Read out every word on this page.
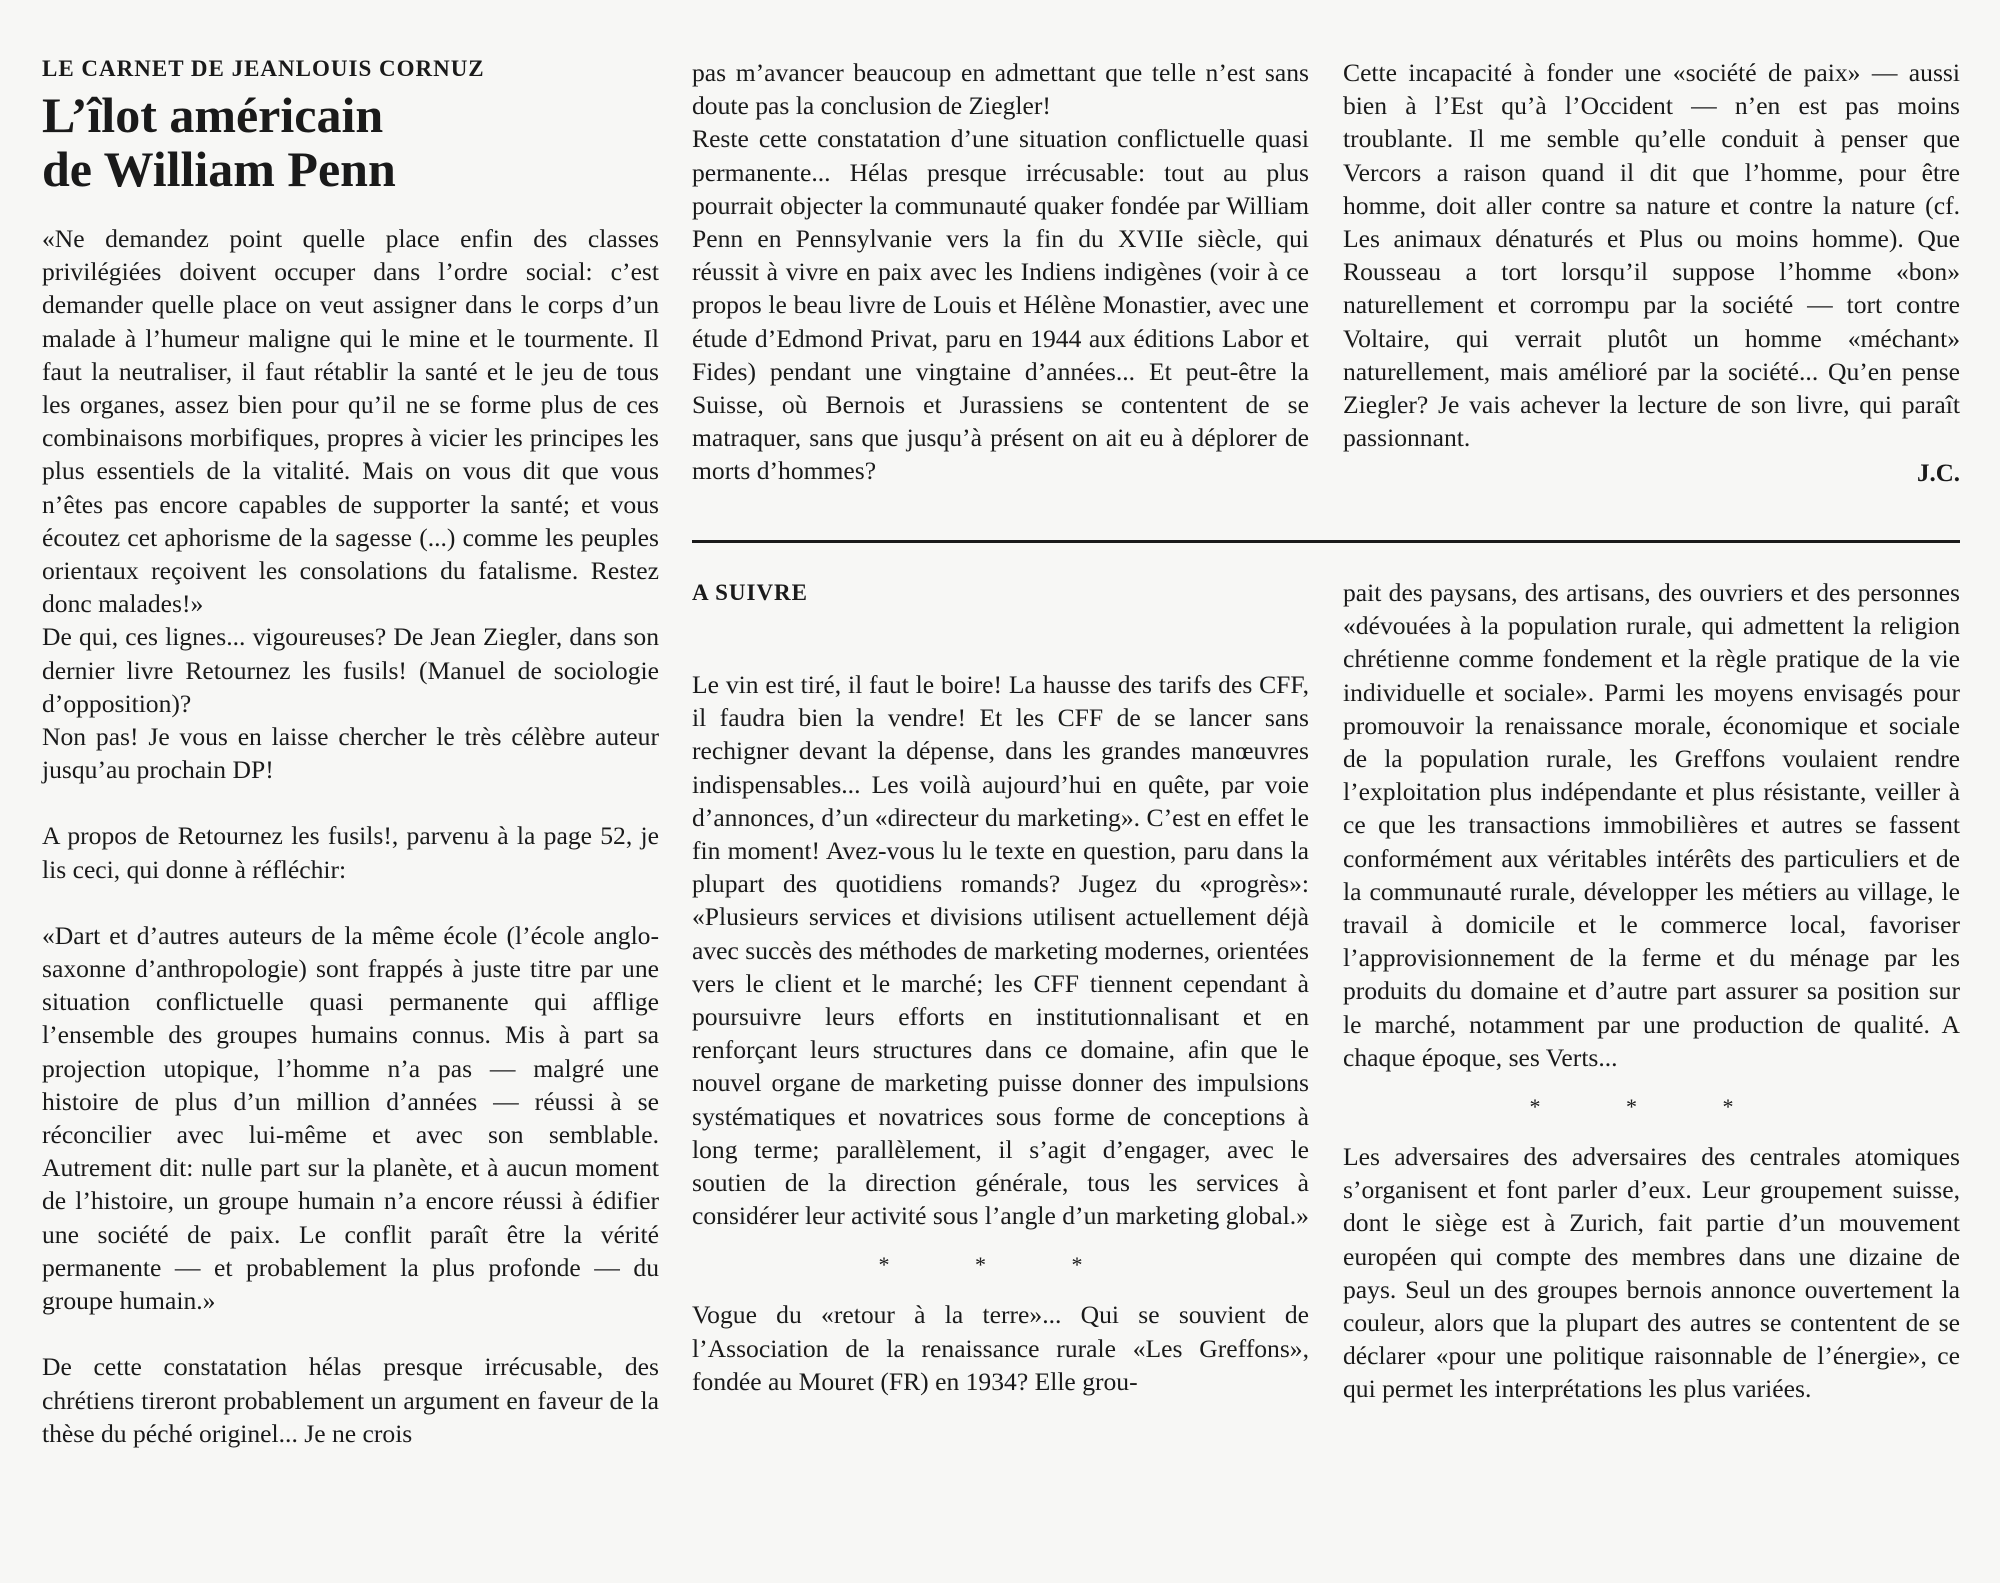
LE CARNET DE JEANLOUIS CORNUZ
L’îlot américain
de William Penn

«Ne demandez point quelle place enfin des classes privilégiées doivent occuper dans l’ordre social: c’est demander quelle place on veut assigner dans le corps d’un malade à l’humeur maligne qui le mine et le tourmente. Il faut la neutraliser, il faut rétablir la santé et le jeu de tous les organes, assez bien pour qu’il ne se forme plus de ces combinaisons morbifiques, propres à vicier les principes les plus essentiels de la vitalité. Mais on vous dit que vous n’êtes pas encore capables de supporter la santé; et vous écoutez cet aphorisme de la sagesse (...) comme les peuples orientaux reçoivent les consolations du fatalisme. Restez donc malades!»

De qui, ces lignes... vigoureuses? De Jean Ziegler, dans son dernier livre Retournez les fusils! (Manuel de sociologie d’opposition)?

Non pas! Je vous en laisse chercher le très célèbre auteur jusqu’au prochain DP!

A propos de Retournez les fusils!, parvenu à la page 52, je lis ceci, qui donne à réfléchir:

«Dart et d’autres auteurs de la même école (l’école anglo-saxonne d’anthropologie) sont frappés à juste titre par une situation conflictuelle quasi permanente qui afflige l’ensemble des groupes humains connus. Mis à part sa projection utopique, l’homme n’a pas — malgré une histoire de plus d’un million d’années — réussi à se réconcilier avec lui-même et avec son semblable. Autrement dit: nulle part sur la planète, et à aucun moment de l’histoire, un groupe humain n’a encore réussi à édifier une société de paix. Le conflit paraît être la vérité permanente — et probablement la plus profonde — du groupe humain.»

De cette constatation hélas presque irrécusable, des chrétiens tireront probablement un argument en faveur de la thèse du péché originel... Je ne crois

pas m’avancer beaucoup en admettant que telle n’est sans doute pas la conclusion de Ziegler!

Reste cette constatation d’une situation conflictuelle quasi permanente... Hélas presque irrécusable: tout au plus pourrait objecter la communauté quaker fondée par William Penn en Pennsylvanie vers la fin du XVIIe siècle, qui réussit à vivre en paix avec les Indiens indigènes (voir à ce propos le beau livre de Louis et Hélène Monastier, avec une étude d’Edmond Privat, paru en 1944 aux éditions Labor et Fides) pendant une vingtaine d’années... Et peut-être la Suisse, où Bernois et Jurassiens se contentent de se matraquer, sans que jusqu’à présent on ait eu à déplorer de morts d’hommes?

Cette incapacité à fonder une «société de paix» — aussi bien à l’Est qu’à l’Occident — n’en est pas moins troublante. Il me semble qu’elle conduit à penser que Vercors a raison quand il dit que l’homme, pour être homme, doit aller contre sa nature et contre la nature (cf. Les animaux dénaturés et Plus ou moins homme). Que Rousseau a tort lorsqu’il suppose l’homme «bon» naturellement et corrompu par la société — tort contre Voltaire, qui verrait plutôt un homme «méchant» naturellement, mais amélioré par la société... Qu’en pense Ziegler? Je vais achever la lecture de son livre, qui paraît passionnant.

J.C.
A SUIVRE

Le vin est tiré, il faut le boire! La hausse des tarifs des CFF, il faudra bien la vendre! Et les CFF de se lancer sans rechigner devant la dépense, dans les grandes manœuvres indispensables... Les voilà aujourd’hui en quête, par voie d’annonces, d’un «directeur du marketing». C’est en effet le fin moment! Avez-vous lu le texte en question, paru dans la plupart des quotidiens romands? Jugez du «progrès»: «Plusieurs services et divisions utilisent actuellement déjà avec succès des méthodes de marketing modernes, orientées vers le client et le marché; les CFF tiennent cependant à poursuivre leurs efforts en institutionnalisant et en renforçant leurs structures dans ce domaine, afin que le nouvel organe de marketing puisse donner des impulsions systématiques et novatrices sous forme de conceptions à long terme; parallèlement, il s’agit d’engager, avec le soutien de la direction générale, tous les services à considérer leur activité sous l’angle d’un marketing global.»

* * *

Vogue du «retour à la terre»... Qui se souvient de l’Association de la renaissance rurale «Les Greffons», fondée au Mouret (FR) en 1934? Elle grou-

pait des paysans, des artisans, des ouvriers et des personnes «dévouées à la population rurale, qui admettent la religion chrétienne comme fondement et la règle pratique de la vie individuelle et sociale». Parmi les moyens envisagés pour promouvoir la renaissance morale, économique et sociale de la population rurale, les Greffons voulaient rendre l’exploitation plus indépendante et plus résistante, veiller à ce que les transactions immobilières et autres se fassent conformément aux véritables intérêts des particuliers et de la communauté rurale, développer les métiers au village, le travail à domicile et le commerce local, favoriser l’approvisionnement de la ferme et du ménage par les produits du domaine et d’autre part assurer sa position sur le marché, notamment par une production de qualité. A chaque époque, ses Verts...

* * *

Les adversaires des adversaires des centrales atomiques s’organisent et font parler d’eux. Leur groupement suisse, dont le siège est à Zurich, fait partie d’un mouvement européen qui compte des membres dans une dizaine de pays. Seul un des groupes bernois annonce ouvertement la couleur, alors que la plupart des autres se contentent de se déclarer «pour une politique raisonnable de l’énergie», ce qui permet les interprétations les plus variées.
